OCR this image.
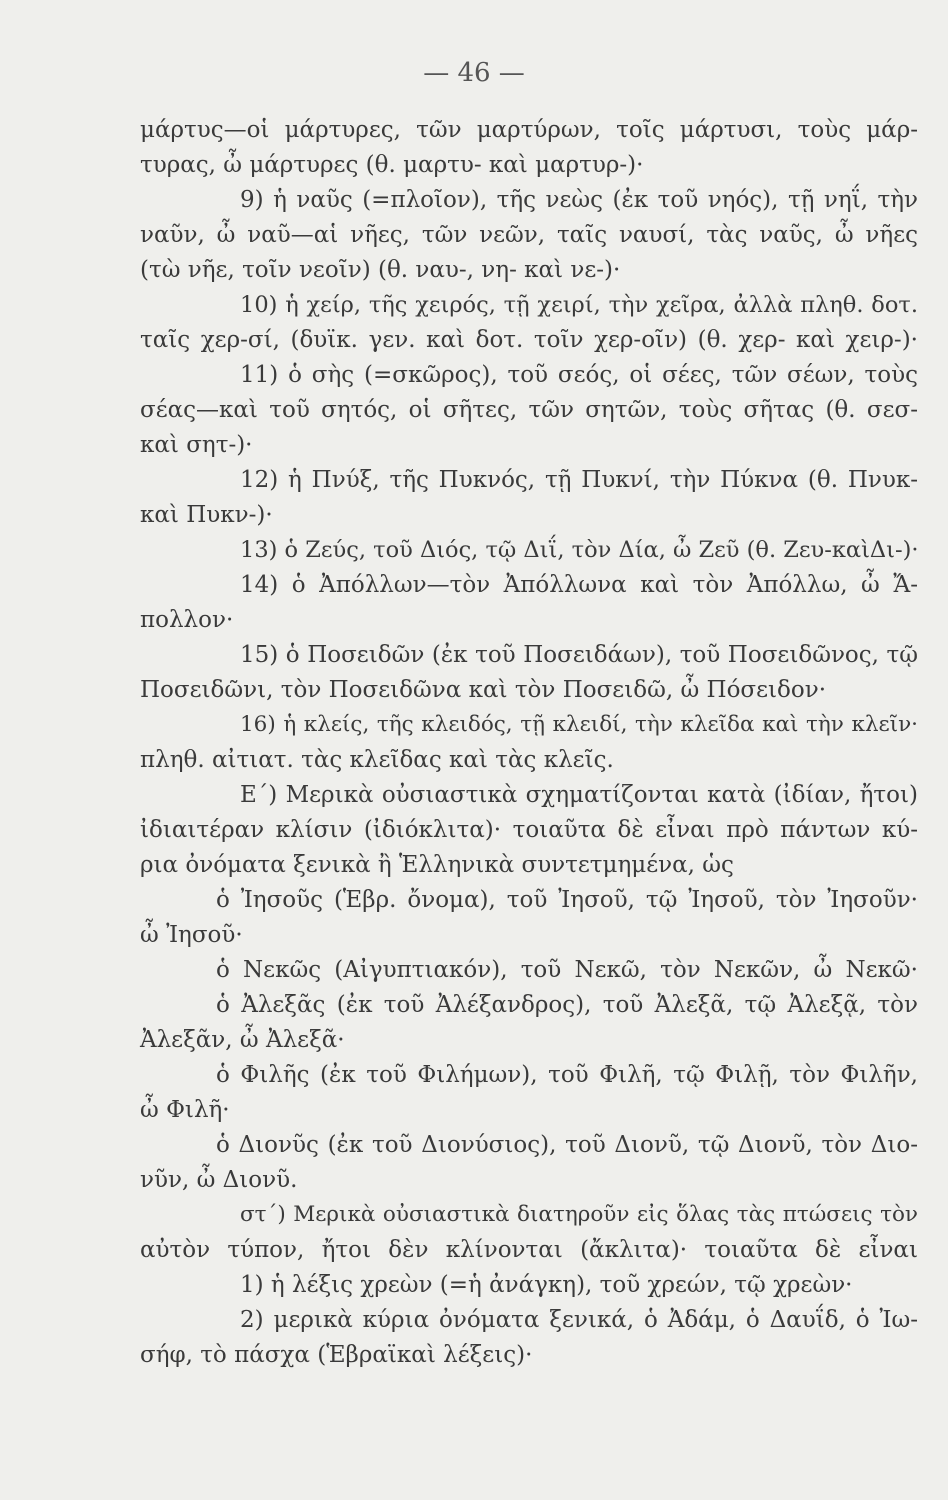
— 46 —
μάρτυς—οἱ μάρτυρες, τῶν μαρτύρων, τοῖς μάρτυσι, τοὺς μάρ-
τυρας, ὦ μάρτυρες (θ. μαρτυ- καὶ μαρτυρ-)·
9) ἡ ναῦς (=πλοῖον), τῆς νεὼς (ἐκ τοῦ νηός), τῇ νηΐ, τὴν
ναῦν, ὦ ναῦ—αἱ νῆες, τῶν νεῶν, ταῖς ναυσί, τὰς ναῦς, ὦ νῆες
(τὼ νῆε, τοῖν νεοῖν) (θ. ναυ-, νη- καὶ νε-)·
10) ἡ χείρ, τῆς χειρός, τῇ χειρί, τὴν χεῖρα, ἀλλὰ πληθ. δοτ.
ταῖς χερ-σί, (δυϊκ. γεν. καὶ δοτ. τοῖν χερ-οῖν) (θ. χερ- καὶ χειρ-)·
11) ὁ σὴς (=σκῶρος), τοῦ σεός, οἱ σέες, τῶν σέων, τοὺς
σέας—καὶ τοῦ σητός, οἱ σῆτες, τῶν σητῶν, τοὺς σῆτας (θ. σεσ-
καὶ σητ-)·
12) ἡ Πνύξ, τῆς Πυκνός, τῇ Πυκνί, τὴν Πύκνα (θ. Πνυκ-
καὶ Πυκν-)·
13) ὁ Ζεύς, τοῦ Διός, τῷ Διΐ, τὸν Δία, ὦ Ζεῦ (θ. Ζευ-καὶΔι-)·
14) ὁ Ἀπόλλων—τὸν Ἀπόλλωνα καὶ τὸν Ἀπόλλω, ὦ Ἄ-
πολλον·
15) ὁ Ποσειδῶν (ἐκ τοῦ Ποσειδάων), τοῦ Ποσειδῶνος, τῷ
Ποσειδῶνι, τὸν Ποσειδῶνα καὶ τὸν Ποσειδῶ, ὦ Πόσειδον·
16) ἡ κλείς, τῆς κλειδός, τῇ κλειδί, τὴν κλεῖδα καὶ τὴν κλεῖν·
πληθ. αἰτιατ. τὰς κλεῖδας καὶ τὰς κλεῖς.
Ε΄) Μερικὰ οὐσιαστικὰ σχηματίζονται κατὰ (ἰδίαν, ἤτοι)
ἰδιαιτέραν κλίσιν (ἰδιόκλιτα)· τοιαῦτα δὲ εἶναι πρὸ πάντων κύ-
ρια ὀνόματα ξενικὰ ἢ Ἑλληνικὰ συντετμημένα, ὡς
ὁ Ἰησοῦς (Ἑβρ. ὄνομα), τοῦ Ἰησοῦ, τῷ Ἰησοῦ, τὸν Ἰησοῦν·
ὦ Ἰησοῦ·
ὁ Νεκῶς (Αἰγυπτιακόν), τοῦ Νεκῶ, τὸν Νεκῶν, ὦ Νεκῶ·
ὁ Ἀλεξᾶς (ἐκ τοῦ Ἀλέξανδρος), τοῦ Ἀλεξᾶ, τῷ Ἀλεξᾷ, τὸν
Ἀλεξᾶν, ὦ Ἀλεξᾶ·
ὁ Φιλῆς (ἐκ τοῦ Φιλήμων), τοῦ Φιλῆ, τῷ Φιλῇ, τὸν Φιλῆν,
ὦ Φιλῆ·
ὁ Διονῦς (ἐκ τοῦ Διονύσιος), τοῦ Διονῦ, τῷ Διονῦ, τὸν Διο-
νῦν, ὦ Διονῦ.
στ΄) Μερικὰ οὐσιαστικὰ διατηροῦν εἰς ὅλας τὰς πτώσεις τὸν
αὐτὸν τύπον, ἤτοι δὲν κλίνονται (ἄκλιτα)· τοιαῦτα δὲ εἶναι
1) ἡ λέξις χρεὼν (=ἡ ἀνάγκη), τοῦ χρεών, τῷ χρεὼν·
2) μερικὰ κύρια ὀνόματα ξενικά, ὁ Ἀδάμ, ὁ Δαυΐδ, ὁ Ἰω-
σήφ, τὸ πάσχα (Ἑβραϊκαὶ λέξεις)·
